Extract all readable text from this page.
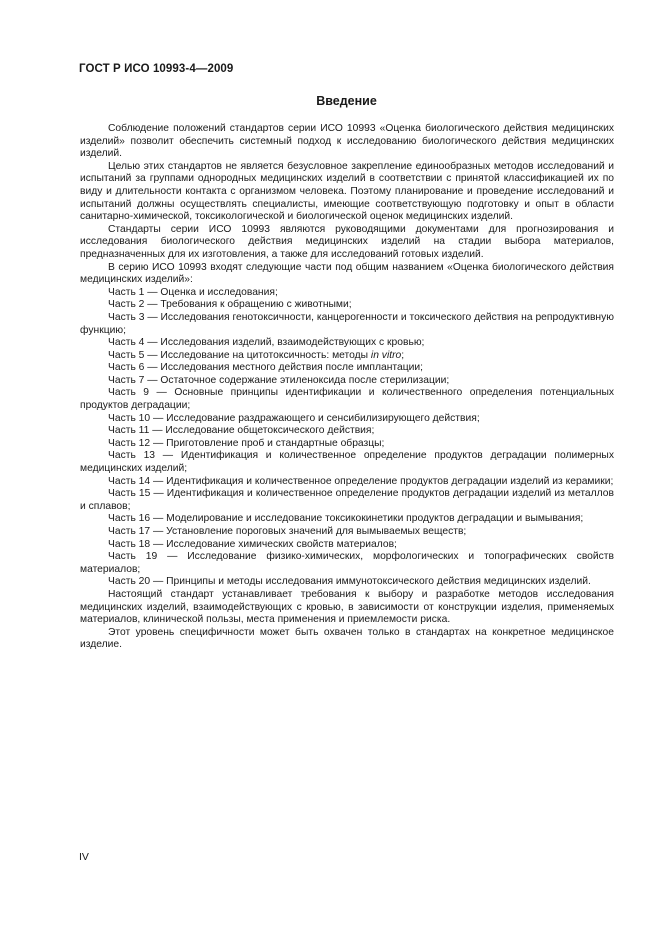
ГОСТ Р ИСО 10993-4—2009
Введение

Соблюдение положений стандартов серии ИСО 10993 «Оценка биологического действия медицинских изделий» позволит обеспечить системный подход к исследованию биологического действия медицинских изделий.

Целью этих стандартов не является безусловное закрепление единообразных методов исследований и испытаний за группами однородных медицинских изделий в соответствии с принятой классификацией их по виду и длительности контакта с организмом человека. Поэтому планирование и проведение исследований и испытаний должны осуществлять специалисты, имеющие соответствующую подготовку и опыт в области санитарно-химической, токсикологической и биологической оценок медицинских изделий.

Стандарты серии ИСО 10993 являются руководящими документами для прогнозирования и исследования биологического действия медицинских изделий на стадии выбора материалов, предназначенных для их изготовления, а также для исследований готовых изделий.

В серию ИСО 10993 входят следующие части под общим названием «Оценка биологического действия медицинских изделий»:

Часть 1 — Оценка и исследования;

Часть 2 — Требования к обращению с животными;

Часть 3 — Исследования генотоксичности, канцерогенности и токсического действия на репродуктивную функцию;

Часть 4 — Исследования изделий, взаимодействующих с кровью;

Часть 5 — Исследование на цитотоксичность: методы in vitro;

Часть 6 — Исследования местного действия после имплантации;

Часть 7 — Остаточное содержание этиленоксида после стерилизации;

Часть 9 — Основные принципы идентификации и количественного определения потенциальных продуктов деградации;

Часть 10 — Исследование раздражающего и сенсибилизирующего действия;

Часть 11 — Исследование общетоксического действия;

Часть 12 — Приготовление проб и стандартные образцы;

Часть 13 — Идентификация и количественное определение продуктов деградации полимерных медицинских изделий;

Часть 14 — Идентификация и количественное определение продуктов деградации изделий из керамики;

Часть 15 — Идентификация и количественное определение продуктов деградации изделий из металлов и сплавов;

Часть 16 — Моделирование и исследование токсикокинетики продуктов деградации и вымывания;

Часть 17 — Установление пороговых значений для вымываемых веществ;

Часть 18 — Исследование химических свойств материалов;

Часть 19 — Исследование физико-химических, морфологических и топографических свойств материалов;

Часть 20 — Принципы и методы исследования иммунотоксического действия медицинских изделий.

Настоящий стандарт устанавливает требования к выбору и разработке методов исследования медицинских изделий, взаимодействующих с кровью, в зависимости от конструкции изделия, применяемых материалов, клинической пользы, места применения и приемлемости риска.

Этот уровень специфичности может быть охвачен только в стандартах на конкретное медицинское изделие.

IV
